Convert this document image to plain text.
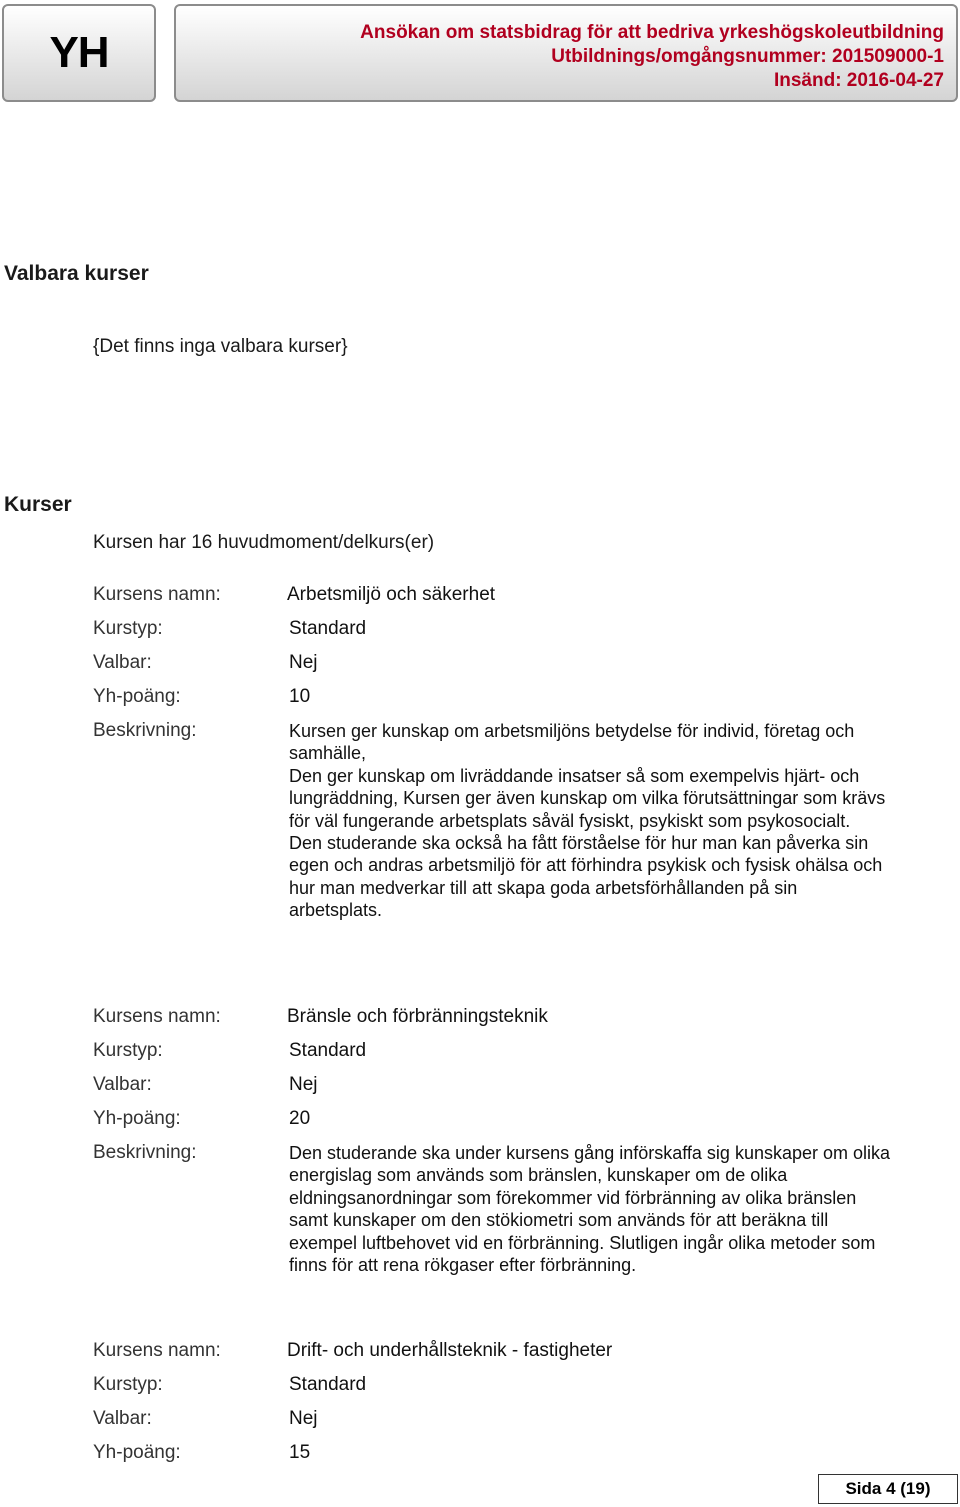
YH	Ansökan om statsbidrag för att bedriva yrkeshögskoleutbildning
Utbildnings/omgångsnummer: 201509000-1
Insänd: 2016-04-27
Valbara kurser

{Det finns inga valbara kurser}

Kurser

Kursen har 16 huvudmoment/delkurs(er)

Kursens namn:	Arbetsmiljö och säkerhet
Kurstyp:	Standard
Valbar:	Nej
Yh-poäng:	10
Beskrivning:	Kursen ger kunskap om arbetsmiljöns betydelse för individ, företag och
samhälle,
Den ger kunskap om livräddande insatser så som exempelvis hjärt- och
lungräddning, Kursen ger även kunskap om vilka förutsättningar som krävs
för väl fungerande arbetsplats såväl fysiskt, psykiskt som psykosocialt.
Den studerande ska också ha fått förståelse för hur man kan påverka sin
egen och andras arbetsmiljö för att förhindra psykisk och fysisk ohälsa och
hur man medverkar till att skapa goda arbetsförhållanden på sin
arbetsplats.

Kursens namn:	Bränsle och förbränningsteknik
Kurstyp:	Standard
Valbar:	Nej
Yh-poäng:	20
Beskrivning:	Den studerande ska under kursens gång införskaffa sig kunskaper om olika
energislag som används som bränslen, kunskaper om de olika
eldningsanordningar som förekommer vid förbränning av olika bränslen
samt kunskaper om den stökiometri som används för att beräkna till
exempel luftbehovet vid en förbränning. Slutligen ingår olika metoder som
finns för att rena rökgaser efter förbränning.

Kursens namn:	Drift- och underhållsteknik - fastigheter
Kurstyp:	Standard
Valbar:	Nej
Yh-poäng:	15
Sida 4 (19)
